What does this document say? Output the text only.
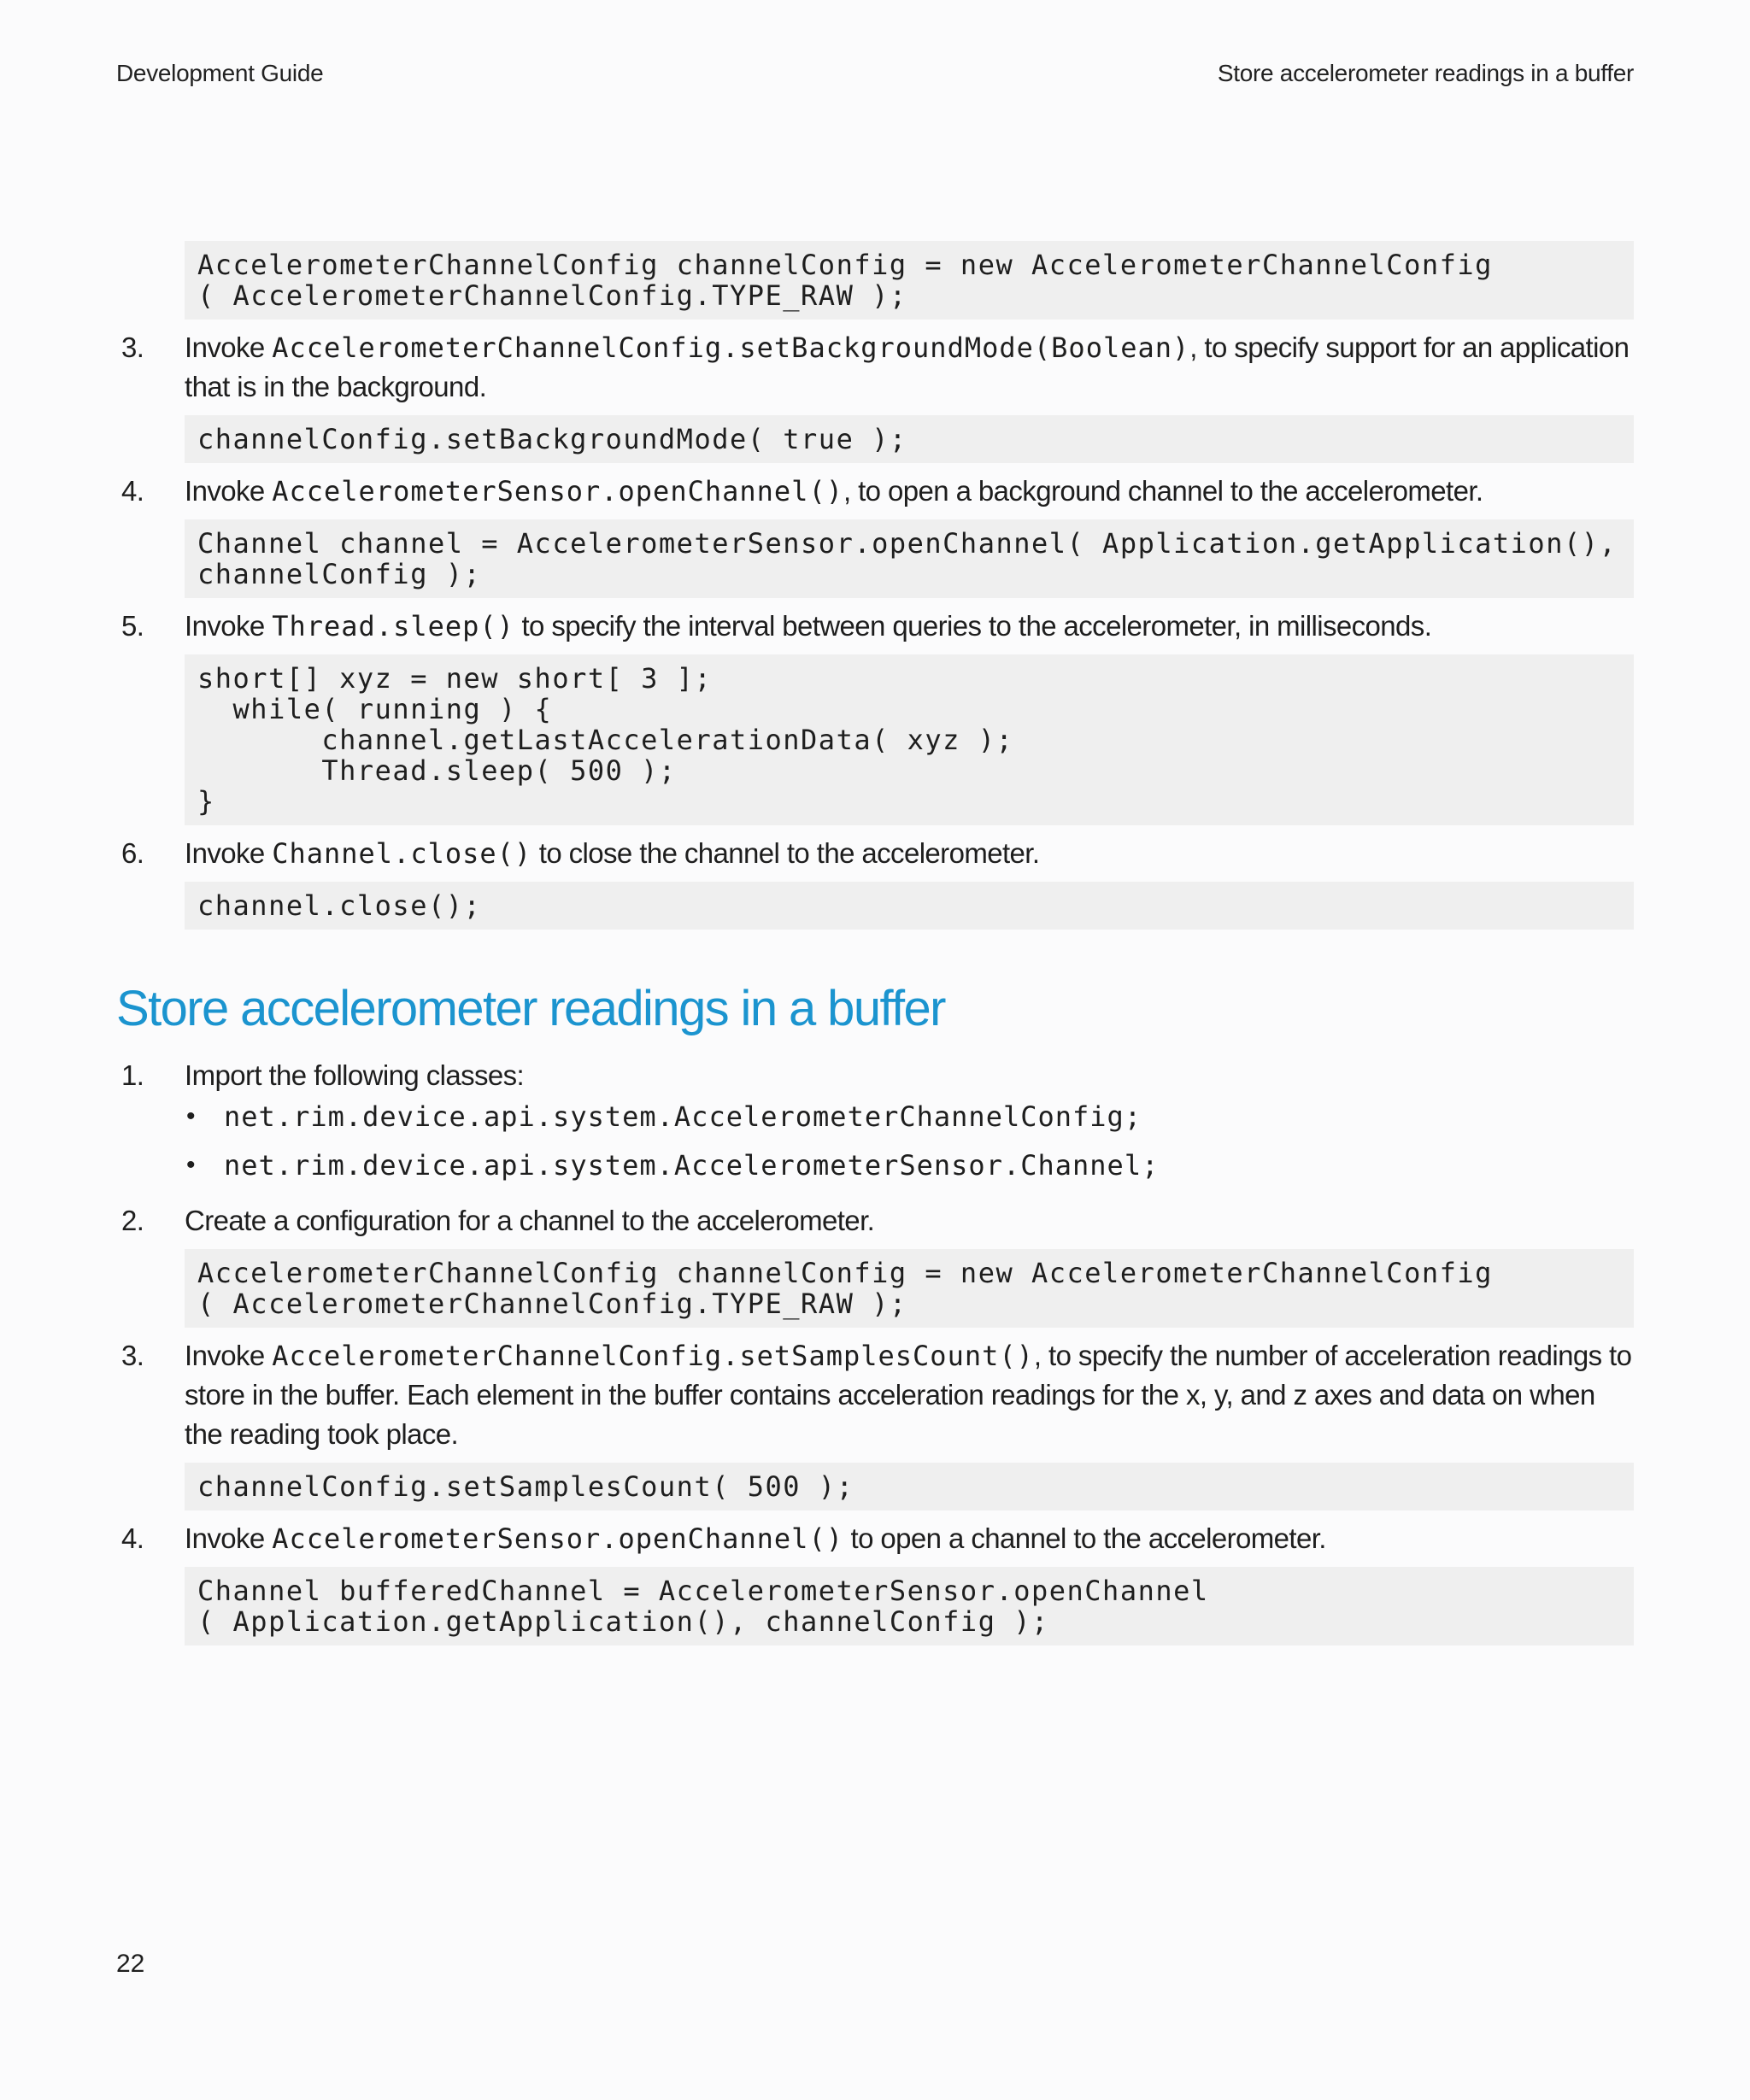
Development Guide	Store accelerometer readings in a buffer
AccelerometerChannelConfig channelConfig = new AccelerometerChannelConfig
( AccelerometerChannelConfig.TYPE_RAW );
3. Invoke AccelerometerChannelConfig.setBackgroundMode(Boolean), to specify support for an application that is in the background.
channelConfig.setBackgroundMode( true );
4. Invoke AccelerometerSensor.openChannel(), to open a background channel to the accelerometer.
Channel channel = AccelerometerSensor.openChannel( Application.getApplication(),
channelConfig );
5. Invoke Thread.sleep() to specify the interval between queries to the accelerometer, in milliseconds.
short[] xyz = new short[ 3 ];
while( running ) {
channel.getLastAccelerationData( xyz );
Thread.sleep( 500 );
}
6. Invoke Channel.close() to close the channel to the accelerometer.
channel.close();
Store accelerometer readings in a buffer
1. Import the following classes:
• net.rim.device.api.system.AccelerometerChannelConfig;
• net.rim.device.api.system.AccelerometerSensor.Channel;
2. Create a configuration for a channel to the accelerometer.
AccelerometerChannelConfig channelConfig = new AccelerometerChannelConfig
( AccelerometerChannelConfig.TYPE_RAW );
3. Invoke AccelerometerChannelConfig.setSamplesCount(), to specify the number of acceleration readings to store in the buffer. Each element in the buffer contains acceleration readings for the x, y, and z axes and data on when the reading took place.
channelConfig.setSamplesCount( 500 );
4. Invoke AccelerometerSensor.openChannel() to open a channel to the accelerometer.
Channel bufferedChannel = AccelerometerSensor.openChannel
( Application.getApplication(), channelConfig );
22
